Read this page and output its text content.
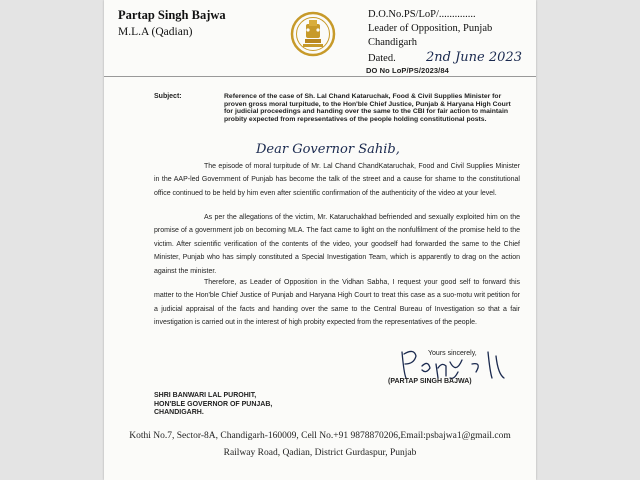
Partap Singh Bajwa
M.L.A (Qadian)
D.O.No.PS/LoP/..............
Leader of Opposition, Punjab
Chandigarh
Dated.	2nd June 2023
DO No LoP/PS/2023/84
Subject:	Reference of the case of Sh. Lal Chand Kataruchak, Food & Civil Supplies Minister for proven gross moral turpitude, to the Hon'ble Chief Justice, Punjab & Haryana High Court for judicial proceedings and handing over the same to the CBI for fair action to maintain probity expected from representatives of the people holding constitutional posts.
Dear Governor Sahib,
The episode of moral turpitude of Mr. Lal Chand ChandKataruchak, Food and Civil Supplies Minister in the AAP-led Government of Punjab has become the talk of the street and a cause for shame to the constitutional office continued to be held by him even after scientific confirmation of the authenticity of the video at your level.
As per the allegations of the victim, Mr. Kataruchakhad befriended and sexually exploited him on the promise of a government job on becoming MLA. The fact came to light on the nonfulfilment of the promise held to the victim. After scientific verification of the contents of the video, your goodself had forwarded the same to the Chief Minister, Punjab who has simply constituted a Special Investigation Team, which is apparently to drag on the action against the minister.
Therefore, as Leader of Opposition in the Vidhan Sabha, I request your good self to forward this matter to the Hon'ble Chief Justice of Punjab and Haryana High Court to treat this case as a suo-motu writ petition for a judicial appraisal of the facts and handing over the same to the Central Bureau of Investigation so that a fair investigation is carried out in the interest of high probity expected from the representatives of the people.
Yours sincerely,
(PARTAP SINGH BAJWA)
SHRI BANWARI LAL PUROHIT,
HON'BLE GOVERNOR OF PUNJAB,
CHANDIGARH.
Kothi No.7, Sector-8A, Chandigarh-160009, Cell No.+91 9878870206,Email:psbajwa1@gmail.com
Railway Road, Qadian, District Gurdaspur, Punjab
